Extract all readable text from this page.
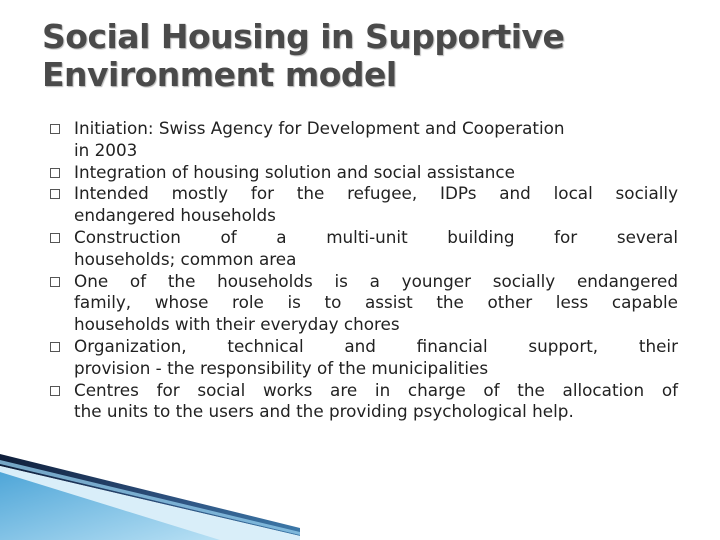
Social Housing in Supportive
Environment model
Initiation: Swiss Agency for Development and Cooperation
in 2003
Integration of housing solution and social assistance
Intended mostly for the refugee, IDPs and local socially
endangered households
Construction of a multi-unit building for several
households; common area
One of the households is a younger socially endangered
family, whose role is to assist the other less capable
households with their everyday chores
Organization, technical and financial support, their
provision - the responsibility of the municipalities
Centres for social works are in charge of the allocation of
the units to the users and the providing psychological help.
